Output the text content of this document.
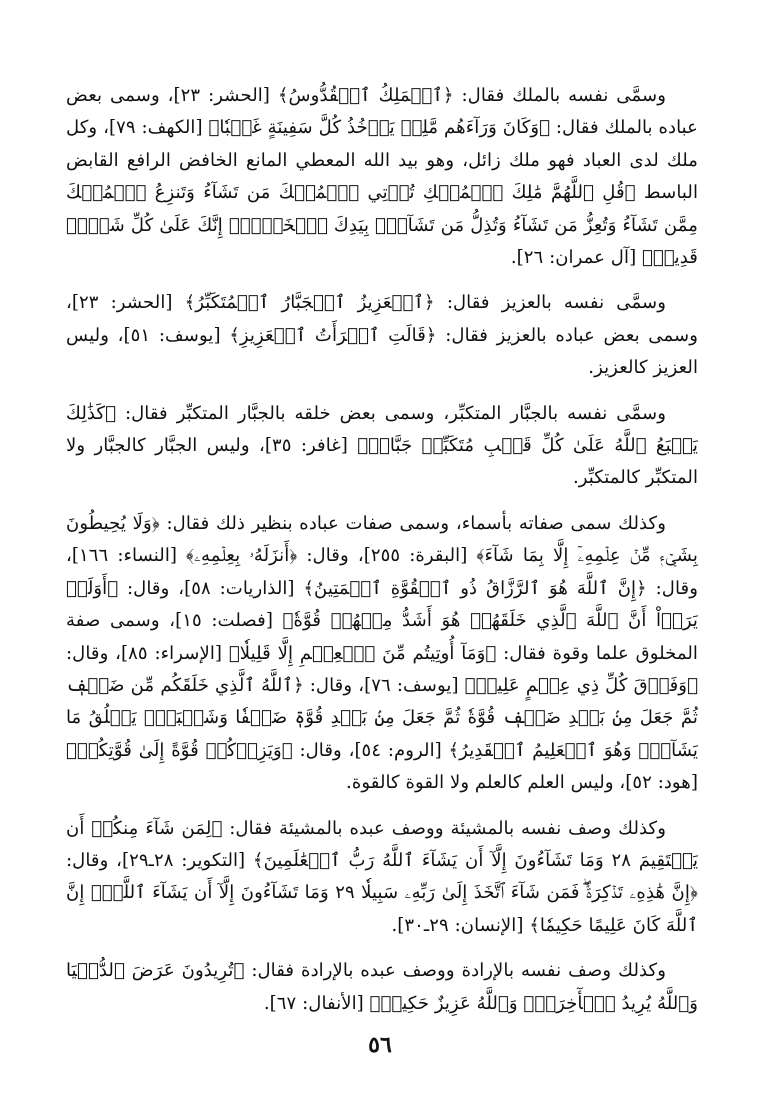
وسمَّى نفسه بالملك فقال: ﴿ٱلۡمَلِكُ ٱلۡقُدُّوسُ﴾ [الحشر: ٢٣]، وسمى بعض عباده بالملك فقال: ﴿وَكَانَ وَرَآءَهُم مَّلِكٞ يَأۡخُذُ كُلَّ سَفِينَةٍ غَصۡبٗا﴾ [الكهف: ٧٩]، وكل ملك لدى العباد فهو ملك زائل، وهو بيد الله المعطي المانع الخافض الرافع القابض الباسط ﴿قُلِ ٱللَّهُمَّ مَٰلِكَ ٱلۡمُلۡكِ تُؤۡتِي ٱلۡمُلۡكَ مَن تَشَآءُ وَتَنزِعُ ٱلۡمُلۡكَ مِمَّن تَشَآءُ وَتُعِزُّ مَن تَشَآءُ وَتُذِلُّ مَن تَشَآءُۖ بِيَدِكَ ٱلۡخَيۡرُۖ إِنَّكَ عَلَىٰ كُلِّ شَيۡءٖ قَدِيرٞ﴾ [آل عمران: ٢٦].

وسمَّى نفسه بالعزيز فقال: ﴿ٱلۡعَزِيزُ ٱلۡجَبَّارُ ٱلۡمُتَكَبِّرُ﴾ [الحشر: ٢٣]، وسمى بعض عباده بالعزيز فقال: ﴿قَالَتِ ٱمۡرَأَتُ ٱلۡعَزِيزِ﴾ [يوسف: ٥١]، وليس العزيز كالعزيز.

وسمَّى نفسه بالجبَّار المتكبِّر، وسمى بعض خلقه بالجبَّار المتكبِّر فقال: ﴿كَذَٰلِكَ يَطۡبَعُ ٱللَّهُ عَلَىٰ كُلِّ قَلۡبِ مُتَكَبِّرٖ جَبَّارٖ﴾ [غافر: ٣٥]، وليس الجبَّار كالجبَّار ولا المتكبِّر كالمتكبِّر.

وكذلك سمى صفاته بأسماء، وسمى صفات عباده بنظير ذلك فقال: ﴿وَلَا يُحِيطُونَ بِشَيۡءٖ مِّنۡ عِلۡمِهِۦٓ إِلَّا بِمَا شَآءَ﴾ [البقرة: ٢٥٥]، وقال: ﴿أَنزَلَهُۥ بِعِلۡمِهِۦ﴾ [النساء: ١٦٦]، وقال: ﴿إِنَّ ٱللَّهَ هُوَ ٱلرَّزَّاقُ ذُو ٱلۡقُوَّةِ ٱلۡمَتِينُ﴾ [الذاريات: ٥٨]، وقال: ﴿أَوَلَمۡ يَرَوۡاْ أَنَّ ٱللَّهَ ٱلَّذِي خَلَقَهُمۡ هُوَ أَشَدُّ مِنۡهُمۡ قُوَّةٗ﴾ [فصلت: ١٥]، وسمى صفة المخلوق علما وقوة فقال: ﴿وَمَآ أُوتِيتُم مِّنَ ٱلۡعِلۡمِ إِلَّا قَلِيلٗا﴾ [الإسراء: ٨٥]، وقال: ﴿وَفَوۡقَ كُلِّ ذِي عِلۡمٍ عَلِيمٞ﴾ [يوسف: ٧٦]، وقال: ﴿ٱللَّهُ ٱلَّذِي خَلَقَكُم مِّن ضَعۡفٖ ثُمَّ جَعَلَ مِنۢ بَعۡدِ ضَعۡفٖ قُوَّةٗ ثُمَّ جَعَلَ مِنۢ بَعۡدِ قُوَّةٖ ضَعۡفٗا وَشَيۡبَةٗۚ يَخۡلُقُ مَا يَشَآءُۚ وَهُوَ ٱلۡعَلِيمُ ٱلۡقَدِيرُ﴾ [الروم: ٥٤]، وقال: ﴿وَيَزِدۡكُمۡ قُوَّةً إِلَىٰ قُوَّتِكُمۡ﴾ [هود: ٥٢]، وليس العلم كالعلم ولا القوة كالقوة.

وكذلك وصف نفسه بالمشيئة ووصف عبده بالمشيئة فقال: ﴿لِمَن شَآءَ مِنكُمۡ أَن يَسۡتَقِيمَ ٢٨ وَمَا تَشَآءُونَ إِلَّآ أَن يَشَآءَ ٱللَّهُ رَبُّ ٱلۡعَٰلَمِينَ﴾ [التكوير: ٢٨ـ٢٩]، وقال: ﴿إِنَّ هَٰذِهِۦ تَذۡكِرَةٞۖ فَمَن شَآءَ ٱتَّخَذَ إِلَىٰ رَبِّهِۦ سَبِيلٗا ٢٩ وَمَا تَشَآءُونَ إِلَّآ أَن يَشَآءَ ٱللَّهُۚ إِنَّ ٱللَّهَ كَانَ عَلِيمًا حَكِيمٗا﴾ [الإنسان: ٢٩ـ٣٠].

وكذلك وصف نفسه بالإرادة ووصف عبده بالإرادة فقال: ﴿تُرِيدُونَ عَرَضَ ٱلدُّنۡيَا وَٱللَّهُ يُرِيدُ ٱلۡأٓخِرَةَۗ وَٱللَّهُ عَزِيزٌ حَكِيمٞ﴾ [الأنفال: ٦٧].

٥٦
